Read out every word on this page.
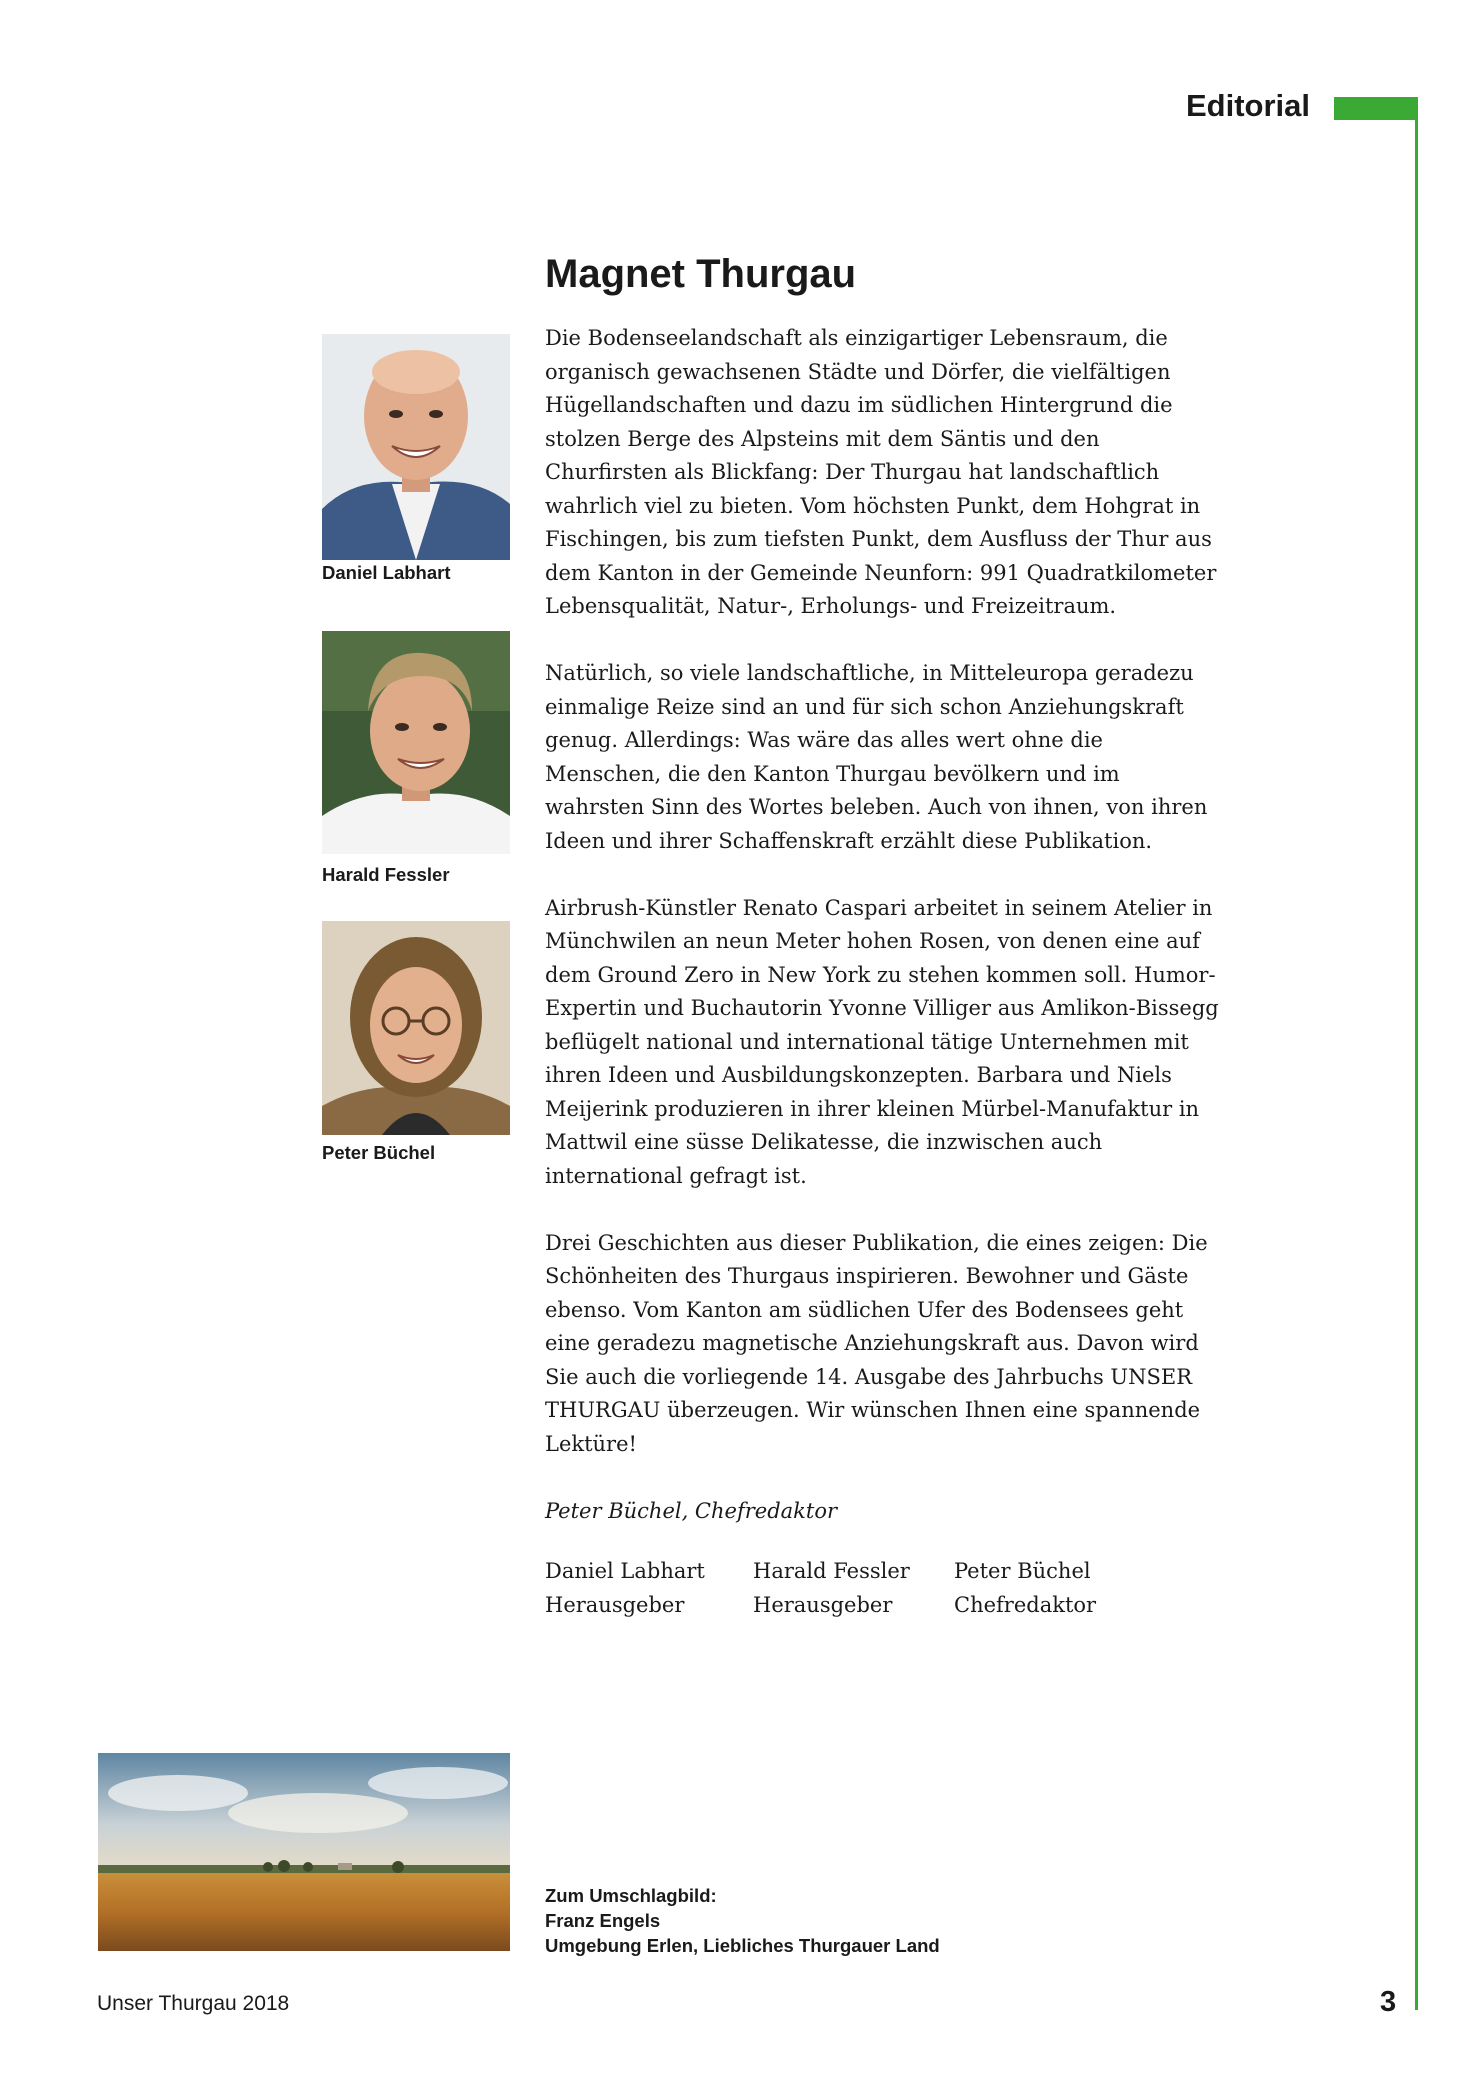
Editorial
Magnet Thurgau

Die Bodenseelandschaft als einzigartiger Lebensraum, die organisch gewachsenen Städte und Dörfer, die vielfältigen Hügellandschaften und dazu im südlichen Hintergrund die stolzen Berge des Alpsteins mit dem Säntis und den Churfirsten als Blickfang: Der Thurgau hat landschaftlich wahrlich viel zu bieten. Vom höchsten Punkt, dem Hohgrat in Fischingen, bis zum tiefsten Punkt, dem Ausfluss der Thur aus dem Kanton in der Gemeinde Neunforn: 991 Quadratkilometer Lebensqualität, Natur-, Erholungs- und Freizeitraum.

Natürlich, so viele landschaftliche, in Mitteleuropa geradezu einmalige Reize sind an und für sich schon Anziehungskraft genug. Allerdings: Was wäre das alles wert ohne die Menschen, die den Kanton Thurgau bevölkern und im wahrsten Sinn des Wortes beleben. Auch von ihnen, von ihren Ideen und ihrer Schaffenskraft erzählt diese Publikation.

Airbrush-Künstler Renato Caspari arbeitet in seinem Atelier in Münchwilen an neun Meter hohen Rosen, von denen eine auf dem Ground Zero in New York zu stehen kommen soll. Humor-Expertin und Buchautorin Yvonne Villiger aus Amlikon-Bissegg beflügelt national und international tätige Unternehmen mit ihren Ideen und Ausbildungskonzepten. Barbara und Niels Meijerink produzieren in ihrer kleinen Mürbel-Manufaktur in Mattwil eine süsse Delikatesse, die inzwischen auch international gefragt ist.

Drei Geschichten aus dieser Publikation, die eines zeigen: Die Schönheiten des Thurgaus inspirieren. Bewohner und Gäste ebenso. Vom Kanton am südlichen Ufer des Bodensees geht eine geradezu magnetische Anziehungskraft aus. Davon wird Sie auch die vorliegende 14. Ausgabe des Jahrbuchs UNSER THURGAU überzeugen. Wir wünschen Ihnen eine spannende Lektüre!

Peter Büchel, Chefredaktor

Daniel Labhart
Harald Fessler
Peter Büchel
Daniel Labhart
Herausgeber
Harald Fessler
Herausgeber
Peter Büchel
Chefredaktor
Zum Umschlagbild:
Franz Engels
Umgebung Erlen, Liebliches Thurgauer Land
Unser Thurgau 2018	3
